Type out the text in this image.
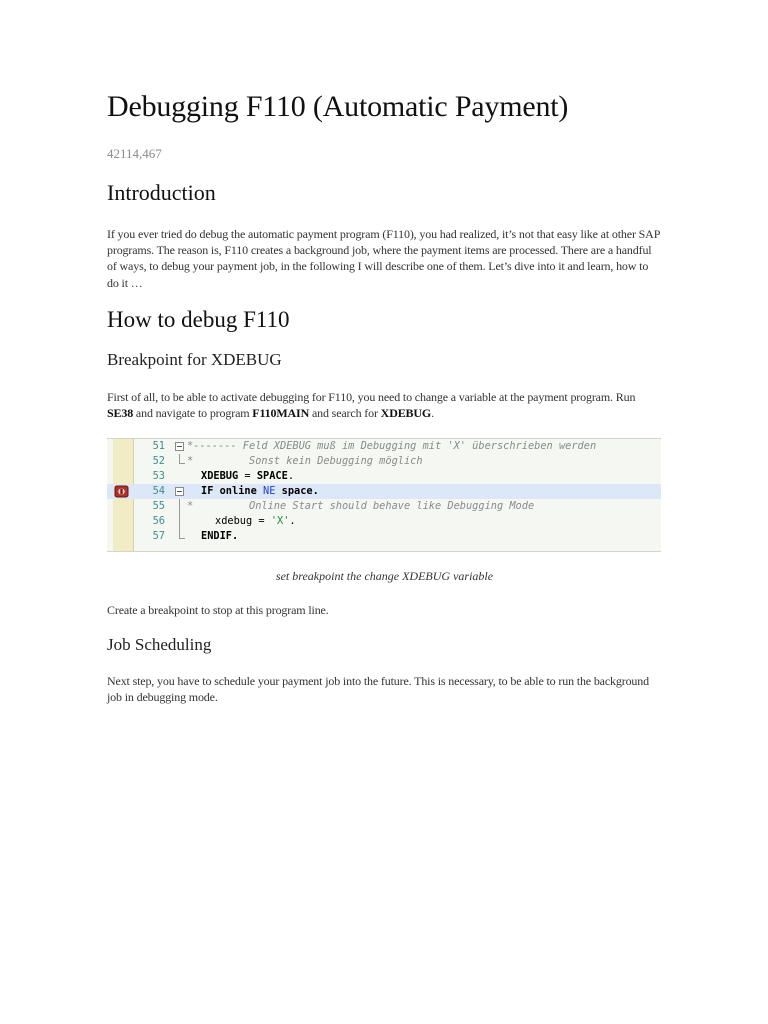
Debugging F110 (Automatic Payment)
42114,467
Introduction

If you ever tried do debug the automatic payment program (F110), you had realized, it’s not that easy like at other SAP programs. The reason is, F110 creates a background job, where the payment items are processed. There are a handful of ways, to debug your payment job, in the following I will describe one of them. Let’s dive into it and learn, how to do it …

How to debug F110
Breakpoint for XDEBUG

First of all, to be able to activate debugging for F110, you need to change a variable at the payment program. Run SE38 and navigate to program F110MAIN and search for XDEBUG.

51 *------- Feld XDEBUG muß im Debugging mit 'X' überschrieben werden
52 *         Sonst kein Debugging möglich
53	XDEBUG = SPACE.
54	IF online NE space.
55 *         Online Start should behave like Debugging Mode
56	xdebug = 'X'.
57	ENDIF.
set breakpoint the change XDEBUG variable

Create a breakpoint to stop at this program line.

Job Scheduling

Next step, you have to schedule your payment job into the future. This is necessary, to be able to run the background job in debugging mode.
